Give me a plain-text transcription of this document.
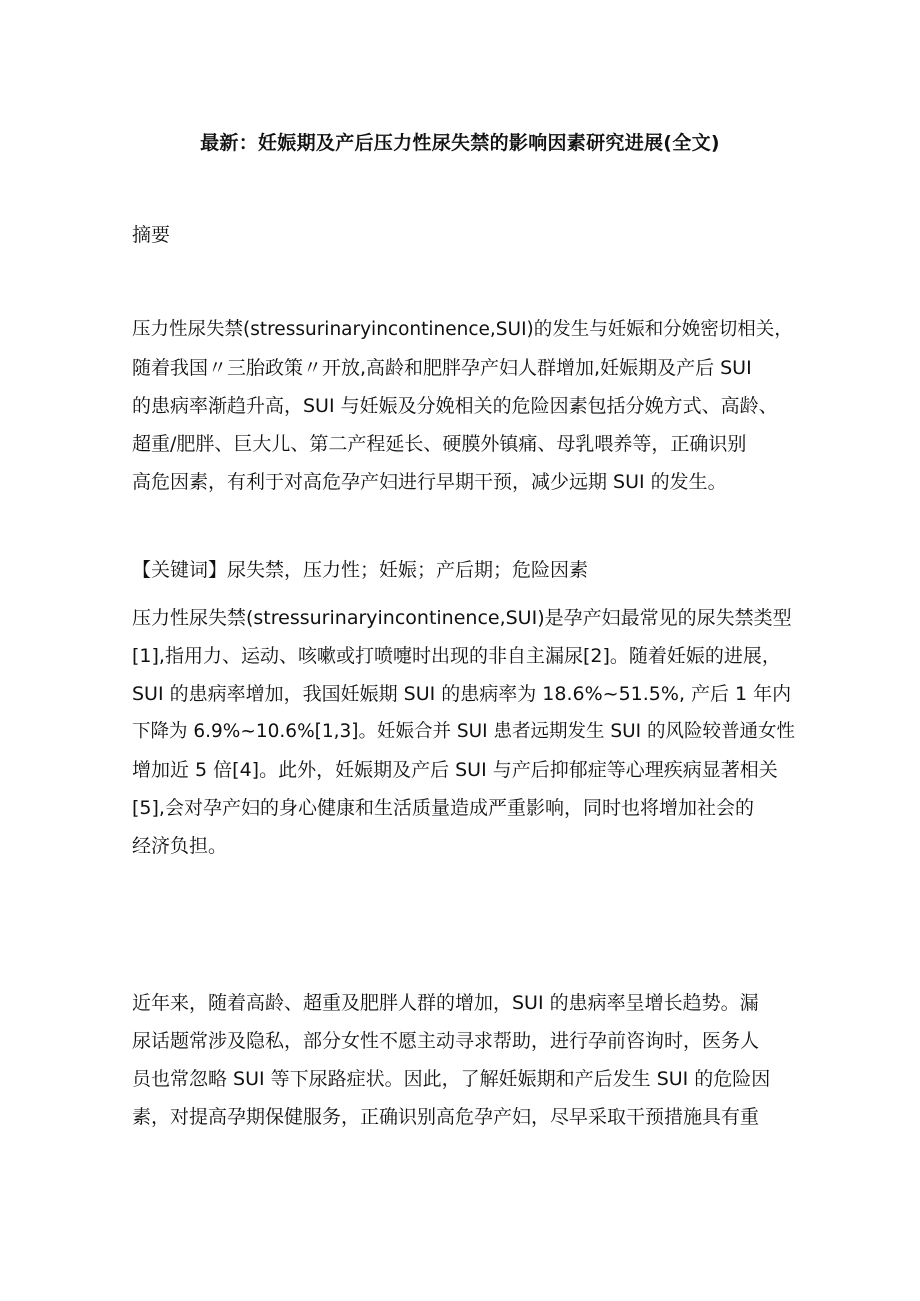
最新：妊娠期及产后压力性尿失禁的影响因素研究进展(全文)
摘要
压力性尿失禁(stressurinaryincontinence,SUI)的发生与妊娠和分娩密切相关，
随着我国〃三胎政策〃开放,高龄和肥胖孕产妇人群增加,妊娠期及产后 SUI
的患病率渐趋升高，SUI 与妊娠及分娩相关的危险因素包括分娩方式、高龄、
超重/肥胖、巨大儿、第二产程延长、硬膜外镇痛、母乳喂养等，正确识别
高危因素，有利于对高危孕产妇进行早期干预，减少远期 SUI 的发生。
【关键词】尿失禁，压力性；妊娠；产后期；危险因素
压力性尿失禁(stressurinaryincontinence,SUI)是孕产妇最常见的尿失禁类型
[1],指用力、运动、咳嗽或打喷嚏时出现的非自主漏尿[2]。随着妊娠的进展，
SUI 的患病率增加，我国妊娠期 SUI 的患病率为 18.6%~51.5%, 产后 1 年内
下降为 6.9%~10.6%[1,3]。妊娠合并 SUI 患者远期发生 SUI 的风险较普通女性
增加近 5 倍[4]。此外，妊娠期及产后 SUI 与产后抑郁症等心理疾病显著相关
[5],会对孕产妇的身心健康和生活质量造成严重影响，同时也将增加社会的
经济负担。
近年来，随着高龄、超重及肥胖人群的增加，SUI 的患病率呈增长趋势。漏
尿话题常涉及隐私，部分女性不愿主动寻求帮助，进行孕前咨询时，医务人
员也常忽略 SUI 等下尿路症状。因此，了解妊娠期和产后发生 SUI 的危险因
素，对提高孕期保健服务，正确识别高危孕产妇，尽早采取干预措施具有重
